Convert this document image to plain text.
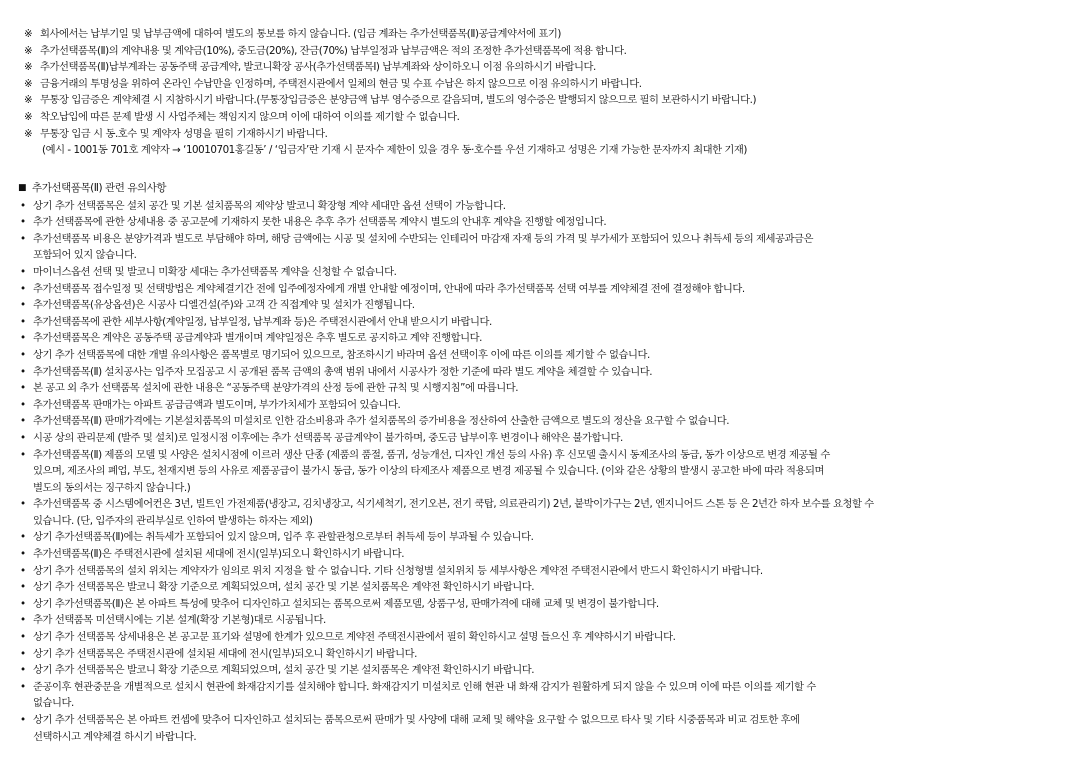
※ 회사에서는 납부기일 및 납부금액에 대하여 별도의 통보를 하지 않습니다. (입금 계좌는 추가선택품목(Ⅱ)공급계약서에 표기)
※ 추가선택품목(Ⅱ)의 계약내용 및 계약금(10%), 중도금(20%), 잔금(70%) 납부일정과 납부금액은 적의 조정한 추가선택품목에 적용 합니다.
※ 추가선택품목(Ⅱ)납부계좌는 공동주택 공급계약, 발코니확장 공사(추가선택품목Ⅰ) 납부계좌와 상이하오니 이점 유의하시기 바랍니다.
※ 금융거래의 투명성을 위하여 온라인 수납만을 인정하며, 주택전시관에서 일체의 현금 및 수표 수납은 하지 않으므로 이점 유의하시기 바랍니다.
※ 무통장 입금증은 계약체결 시 지참하시기 바랍니다.(무통장입금증은 분양금액 납부 영수증으로 갈음되며, 별도의 영수증은 발행되지 않으므로 필히 보관하시기 바랍니다.)
※ 착오납입에 따른 문제 발생 시 사업주체는 책임지지 않으며 이에 대하여 이의를 제기할 수 없습니다.
※ 무통장 입금 시 동.호수 및 계약자 성명을 필히 기재하시기 바랍니다.
(예시 - 1001동 701호 계약자 → ‘10010701홍길동’ / ‘입금자’란 기재 시 문자수 제한이 있을 경우 동·호수를 우선 기재하고 성명은 기재 가능한 문자까지 최대한 기재)
■ 추가선택품목(Ⅱ) 관련 유의사항
• 상기 추가 선택품목은 설치 공간 및 기본 설치품목의 제약상 발코니 확장형 계약 세대만 옵션 선택이 가능합니다.
• 추가 선택품목에 관한 상세내용 중 공고문에 기재하지 못한 내용은 추후 추가 선택품목 계약시 별도의 안내후 계약을 진행할 예정입니다.
• 추가선택품목 비용은 분양가격과 별도로 부담해야 하며, 해당 금액에는 시공 및 설치에 수반되는 인테리어 마감재 자재 등의 가격 및 부가세가 포함되어 있으나 취득세 등의 제세공과금은
포함되어 있지 않습니다.
• 마이너스옵션 선택 및 발코니 미확장 세대는 추가선택품목 계약을 신청할 수 없습니다.
• 추가선택품목 접수일정 및 선택방법은 계약체결기간 전에 입주예정자에게 개별 안내할 예정이며, 안내에 따라 추가선택품목 선택 여부를 계약체결 전에 결정해야 합니다.
• 추가선택품목(유상옵션)은 시공사 디엘건설(주)와 고객 간 직접계약 및 설치가 진행됩니다.
• 추가선택품목에 관한 세부사항(계약일정, 납부일정, 납부계좌 등)은 주택전시관에서 안내 받으시기 바랍니다.
• 추가선택품목은 계약은 공동주택 공급계약과 별개이며 계약일정은 추후 별도로 공지하고 계약 진행합니다.
• 상기 추가 선택품목에 대한 개별 유의사항은 품목별로 명기되어 있으므로, 참조하시기 바라며 옵션 선택이후 이에 따른 이의를 제기할 수 없습니다.
• 추가선택품목(Ⅱ) 설치공사는 입주자 모집공고 시 공개된 품목 금액의 총액 범위 내에서 시공사가 정한 기준에 따라 별도 계약을 체결할 수 있습니다.
• 본 공고 외 추가 선택품목 설치에 관한 내용은 “공동주택 분양가격의 산정 등에 관한 규칙 및 시행지침”에 따릅니다.
• 추가선택품목 판매가는 아파트 공급금액과 별도이며, 부가가치세가 포함되어 있습니다.
• 추가선택품목(Ⅱ) 판매가격에는 기본설치품목의 미설치로 인한 감소비용과 추가 설치품목의 증가비용을 정산하여 산출한 금액으로 별도의 정산을 요구할 수 없습니다.
• 시공 상의 관리문제 (발주 및 설치)로 일정시점 이후에는 추가 선택품목 공급계약이 불가하며, 중도금 납부이후 변경이나 해약은 불가합니다.
• 추가선택품목(Ⅱ) 제품의 모델 및 사양은 설치시점에 이르러 생산 단종 (제품의 품절, 품귀, 성능개선, 디자인 개선 등의 사유) 후 신모델 출시시 동제조사의 동급, 동가 이상으로 변경 제공될 수
있으며, 제조사의 폐업, 부도, 천재지변 등의 사유로 제품공급이 불가시 동급, 동가 이상의 타제조사 제품으로 변경 제공될 수 있습니다. (이와 같은 상황의 발생시 공고한 바에 따라 적용되며
별도의 동의서는 징구하지 않습니다.)
• 추가선택품목 중 시스템에어컨은 3년, 빌트인 가전제품(냉장고, 김치냉장고, 식기세척기, 전기오븐, 전기 쿡탑, 의료관리기) 2년, 붙박이가구는 2년, 엔지니어드 스톤 등 은 2년간 하자 보수를 요청할 수
있습니다. (단, 입주자의 관리부실로 인하여 발생하는 하자는 제외)
• 상기 추가선택품목(Ⅱ)에는 취득세가 포함되어 있지 않으며, 입주 후 관할관청으로부터 취득세 등이 부과될 수 있습니다.
• 추가선택품목(Ⅱ)은 주택전시관에 설치된 세대에 전시(일부)되오니 확인하시기 바랍니다.
• 상기 추가 선택품목의 설치 위치는 계약자가 임의로 위치 지정을 할 수 없습니다. 기타 신청형별 설치위치 등 세부사항은 계약전 주택전시관에서 반드시 확인하시기 바랍니다.
• 상기 추가 선택품목은 발코니 확장 기준으로 계획되었으며, 설치 공간 및 기본 설치품목은 계약전 확인하시기 바랍니다.
• 상기 추가선택품목(Ⅱ)은 본 아파트 특성에 맞추어 디자인하고 설치되는 품목으로써 제품모델, 상품구성, 판매가격에 대해 교체 및 변경이 불가합니다.
• 추가 선택품목 미선택시에는 기본 설계(확장 기본형)대로 시공됩니다.
• 상기 추가 선택품목 상세내용은 본 공고문 표기와 설명에 한계가 있으므로 계약전 주택전시관에서 필히 확인하시고 설명 들으신 후 계약하시기 바랍니다.
• 상기 추가 선택품목은 주택전시관에 설치된 세대에 전시(일부)되오니 확인하시기 바랍니다.
• 상기 추가 선택품목은 발코니 확장 기준으로 계획되었으며, 설치 공간 및 기본 설치품목은 계약전 확인하시기 바랍니다.
• 준공이후 현관중문을 개별적으로 설치시 현관에 화재감지기를 설치해야 합니다. 화재감지기 미설치로 인해 현관 내 화재 감지가 원활하게 되지 않을 수 있으며 이에 따른 이의를 제기할 수
없습니다.
• 상기 추가 선택품목은 본 아파트 컨셉에 맞추어 디자인하고 설치되는 품목으로써 판매가 및 사양에 대해 교체 및 해약을 요구할 수 없으므로 타사 및 기타 시중품목과 비교 검토한 후에
선택하시고 계약체결 하시기 바랍니다.
